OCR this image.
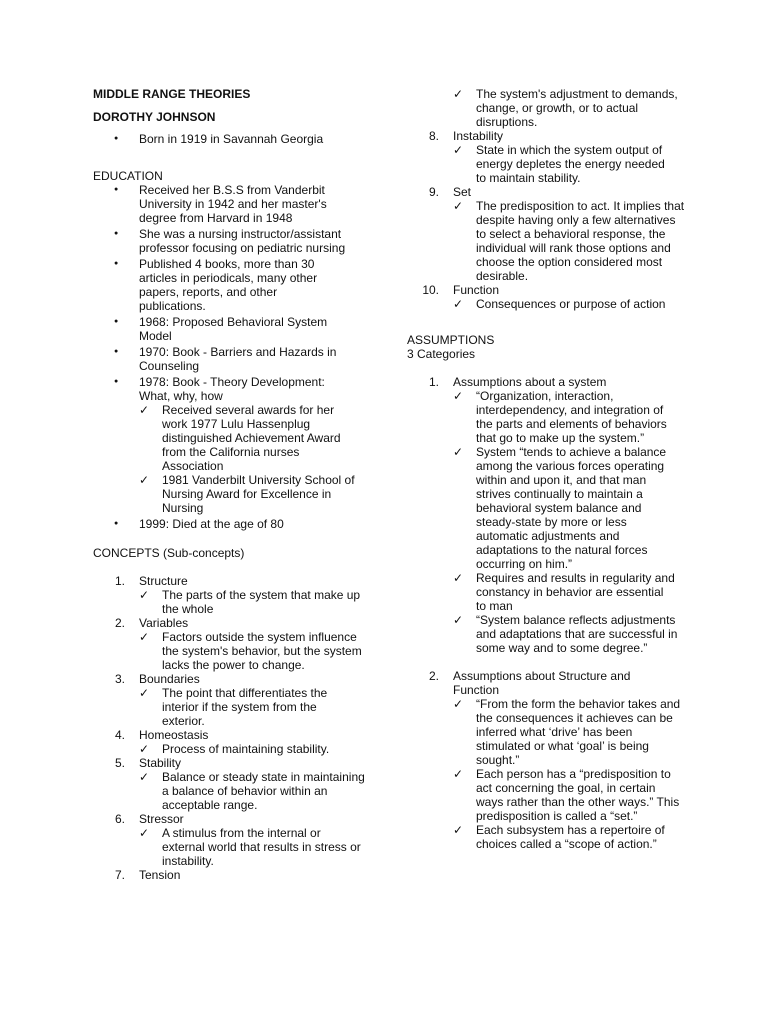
MIDDLE RANGE THEORIES
DOROTHY JOHNSON
● Born in 1919 in Savannah Georgia
EDUCATION
● Received her B.S.S from Vanderbit University in 1942 and her master's degree from Harvard in 1948
● She was a nursing instructor/assistant professor focusing on pediatric nursing
● Published 4 books, more than 30 articles in periodicals, many other papers, reports, and other publications.
● 1968: Proposed Behavioral System Model
● 1970: Book - Barriers and Hazards in Counseling
● 1978: Book - Theory Development: What, why, how
✓ Received several awards for her work 1977 Lulu Hassenplug distinguished Achievement Award from the California nurses Association
✓ 1981 Vanderbilt University School of Nursing Award for Excellence in Nursing
● 1999: Died at the age of 80
CONCEPTS (Sub-concepts)
1. Structure
✓ The parts of the system that make up the whole
2. Variables
✓ Factors outside the system influence the system's behavior, but the system lacks the power to change.
3. Boundaries
✓ The point that differentiates the interior if the system from the exterior.
4. Homeostasis
✓ Process of maintaining stability.
5. Stability
✓ Balance or steady state in maintaining a balance of behavior within an acceptable range.
6. Stressor
✓ A stimulus from the internal or external world that results in stress or instability.
7. Tension
✓ The system's adjustment to demands, change, or growth, or to actual disruptions.
8. Instability
✓ State in which the system output of energy depletes the energy needed to maintain stability.
9. Set
✓ The predisposition to act. It implies that despite having only a few alternatives to select a behavioral response, the individual will rank those options and choose the option considered most desirable.
10. Function
✓ Consequences or purpose of action
ASSUMPTIONS
3 Categories
1. Assumptions about a system
✓ “Organization, interaction, interdependency, and integration of the parts and elements of behaviors that go to make up the system.”
✓ System “tends to achieve a balance among the various forces operating within and upon it, and that man strives continually to maintain a behavioral system balance and steady-state by more or less automatic adjustments and adaptations to the natural forces occurring on him.”
✓ Requires and results in regularity and constancy in behavior are essential to man
✓ “System balance reflects adjustments and adaptations that are successful in some way and to some degree.”
2. Assumptions about Structure and Function
✓ “From the form the behavior takes and the consequences it achieves can be inferred what ‘drive’ has been stimulated or what ‘goal’ is being sought.”
✓ Each person has a “predisposition to act concerning the goal, in certain ways rather than the other ways.” This predisposition is called a “set.”
✓ Each subsystem has a repertoire of choices called a “scope of action.”
